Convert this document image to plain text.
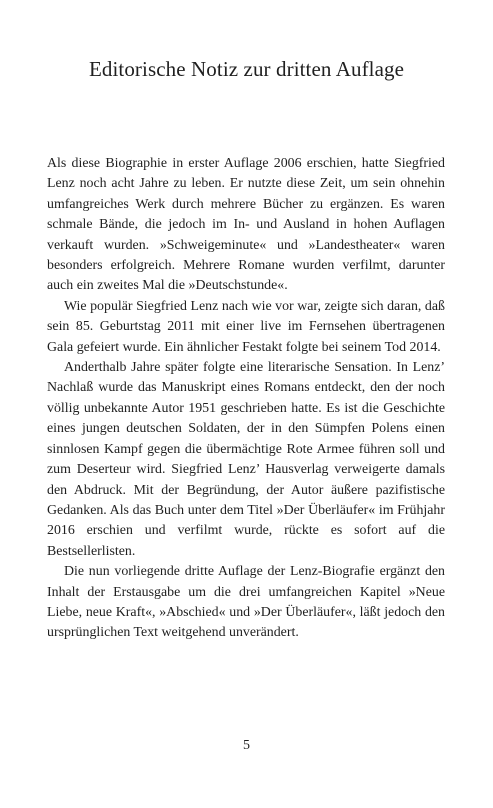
Editorische Notiz zur dritten Auflage

Als diese Biographie in erster Auflage 2006 erschien, hatte Siegfried Lenz noch acht Jahre zu leben. Er nutzte diese Zeit, um sein ohnehin umfangreiches Werk durch mehrere Bücher zu ergänzen. Es waren schmale Bände, die jedoch im In- und Ausland in hohen Auflagen verkauft wurden. »Schweigeminute« und »Landestheater« waren besonders erfolgreich. Mehrere Romane wurden verfilmt, darunter auch ein zweites Mal die »Deutschstunde«.

Wie populär Siegfried Lenz nach wie vor war, zeigte sich daran, daß sein 85. Geburtstag 2011 mit einer live im Fernsehen übertragenen Gala gefeiert wurde. Ein ähnlicher Festakt folgte bei seinem Tod 2014.

Anderthalb Jahre später folgte eine literarische Sensation. In Lenz’ Nachlaß wurde das Manuskript eines Romans entdeckt, den der noch völlig unbekannte Autor 1951 geschrieben hatte. Es ist die Geschichte eines jungen deutschen Soldaten, der in den Sümpfen Polens einen sinnlosen Kampf gegen die übermächtige Rote Armee führen soll und zum Deserteur wird. Siegfried Lenz’ Hausverlag verweigerte damals den Abdruck. Mit der Begründung, der Autor äußere pazifistische Gedanken. Als das Buch unter dem Titel »Der Überläufer« im Frühjahr 2016 erschien und verfilmt wurde, rückte es sofort auf die Bestsellerlisten.

Die nun vorliegende dritte Auflage der Lenz-Biografie ergänzt den Inhalt der Erstausgabe um die drei umfangreichen Kapitel »Neue Liebe, neue Kraft«, »Abschied« und »Der Überläufer«, läßt jedoch den ursprünglichen Text weitgehend unverändert.

5
